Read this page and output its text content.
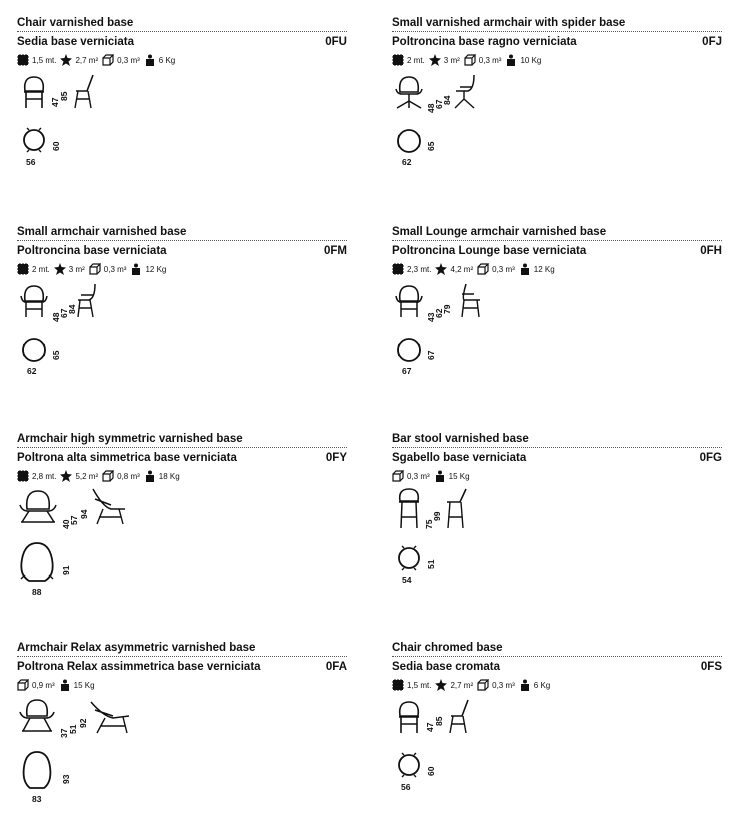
Chair varnished base
Sedia base verniciata	0FU
1,5 mt. 2,7 m² 0,3 m³ 6 Kg
47
85
60
56
Small varnished armchair with spider base
Poltroncina base ragno verniciata	0FJ
2 mt. 3 m² 0,3 m³ 10 Kg
48
67
84
65
62
Small armchair varnished base
Poltroncina base verniciata	0FM
2 mt. 3 m² 0,3 m³ 12 Kg
48
67
84
65
62
Small Lounge armchair varnished base
Poltroncina Lounge base verniciata	0FH
2,3 mt. 4,2 m² 0,3 m³ 12 Kg
43
62
79
67
67
Armchair high symmetric varnished base
Poltrona alta simmetrica base verniciata	0FY
2,8 mt. 5,2 m² 0,8 m³ 18 Kg
40
57
94
91
88
Bar stool varnished base
Sgabello base verniciata	0FG
0,3 m³ 15 Kg
75
99
51
54
Armchair Relax asymmetric varnished base
Poltrona Relax assimmetrica base verniciata	0FA
0,9 m³ 15 Kg
37 51
92
93
83
Chair chromed base
Sedia base cromata	0FS
1,5 mt. 2,7 m² 0,3 m³ 6 Kg
47
85
60
56
